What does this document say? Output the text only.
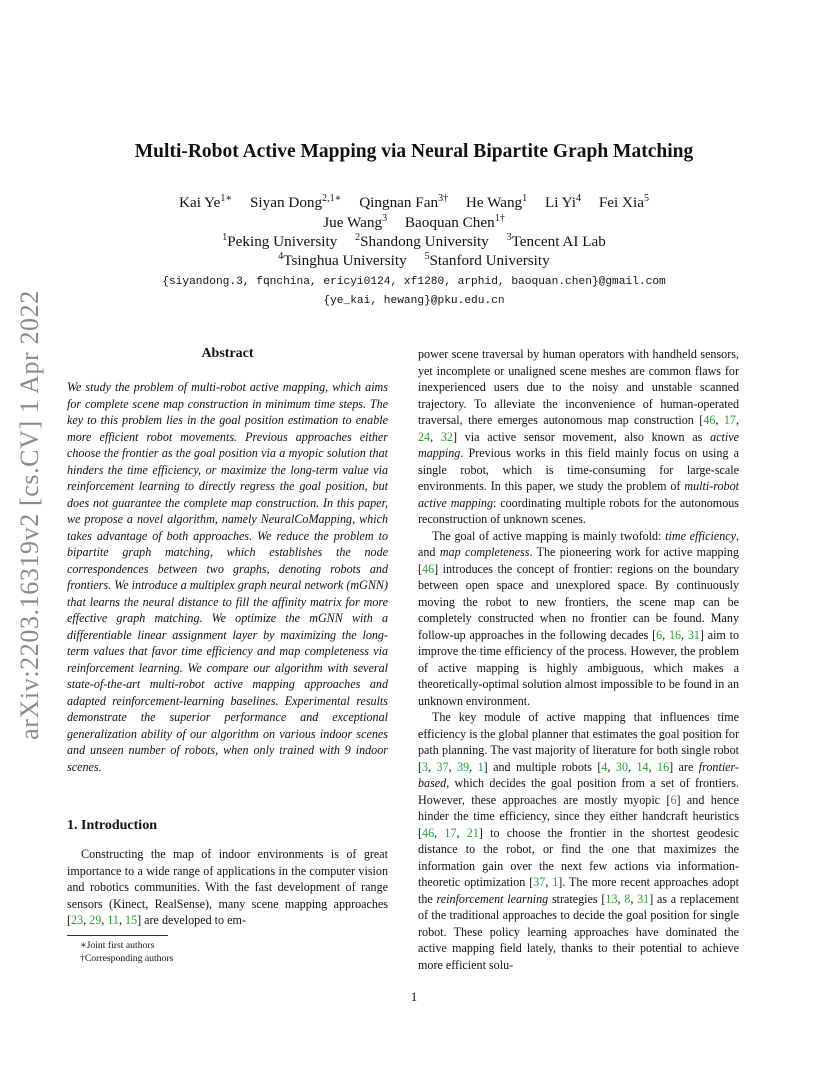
arXiv:2203.16319v2 [cs.CV] 1 Apr 2022
Multi-Robot Active Mapping via Neural Bipartite Graph Matching
Kai $Ye^{1∗}$ Siyan Dong$^{2,1∗}$ Qingnan Fan$^{3\dagger}$ He Wang$^1$ Li Yi$^4$ Fei Xia$^5$
Jue Wang$^3$ Baoquan Chen$^{1\dagger}$
$^1$Peking University $^2$Shandong University $^3$Tencent AI Lab
$^4$Tsinghua University $^5$Stanford University
{siyandong.3, fqnchina, ericyi0124, xf1280, arphid, baoquan.chen}@gmail.com
{ye_kai, hewang}@pku.edu.cn
Abstract

We study the problem of multi-robot active mapping, which aims for complete scene map construction in minimum time steps. The key to this problem lies in the goal position estimation to enable more efficient robot movements. Previous approaches either choose the frontier as the goal position via a myopic solution that hinders the time efficiency, or maximize the long-term value via reinforcement learning to directly regress the goal position, but does not guarantee the complete map construction. In this paper, we propose a novel algorithm, namely NeuralCoMapping, which takes advantage of both approaches. We reduce the problem to bipartite graph matching, which establishes the node correspondences between two graphs, denoting robots and frontiers. We introduce a multiplex graph neural network (mGNN) that learns the neural distance to fill the affinity matrix for more effective graph matching. We optimize the mGNN with a differentiable linear assignment layer by maximizing the long-term values that favor time efficiency and map completeness via reinforcement learning. We compare our algorithm with several state-of-the-art multi-robot active mapping approaches and adapted reinforcement-learning baselines. Experimental results demonstrate the superior performance and exceptional generalization ability of our algorithm on various indoor scenes and unseen number of robots, when only trained with 9 indoor scenes.

1. Introduction

Constructing the map of indoor environments is of great importance to a wide range of applications in the computer vision and robotics communities. With the fast development of range sensors (Kinect, RealSense), many scene mapping approaches [23, 29, 11, 15] are developed to em-

∗Joint first authors
†Corresponding authors

power scene traversal by human operators with handheld sensors, yet incomplete or unaligned scene meshes are common flaws for inexperienced users due to the noisy and unstable scanned trajectory. To alleviate the inconvenience of human-operated traversal, there emerges autonomous map construction [46, 17, 24, 32] via active sensor movement, also known as active mapping. Previous works in this field mainly focus on using a single robot, which is time-consuming for large-scale environments. In this paper, we study the problem of multi-robot active mapping: coordinating multiple robots for the autonomous reconstruction of unknown scenes.

The goal of active mapping is mainly twofold: time efficiency, and map completeness. The pioneering work for active mapping [46] introduces the concept of frontier: regions on the boundary between open space and unexplored space. By continuously moving the robot to new frontiers, the scene map can be completely constructed when no frontier can be found. Many follow-up approaches in the following decades [6, 16, 31] aim to improve the time efficiency of the process. However, the problem of active mapping is highly ambiguous, which makes a theoretically-optimal solution almost impossible to be found in an unknown environment.

The key module of active mapping that influences time efficiency is the global planner that estimates the goal position for path planning. The vast majority of literature for both single robot [3, 37, 39, 1] and multiple robots [4, 30, 14, 16] are frontier-based, which decides the goal position from a set of frontiers. However, these approaches are mostly myopic [6] and hence hinder the time efficiency, since they either handcraft heuristics [46, 17, 21] to choose the frontier in the shortest geodesic distance to the robot, or find the one that maximizes the information gain over the next few actions via information-theoretic optimization [37, 1]. The more recent approaches adopt the reinforcement learning strategies [13, 8, 31] as a replacement of the traditional approaches to decide the goal position for single robot. These policy learning approaches have dominated the active mapping field lately, thanks to their potential to achieve more efficient solu-

1
